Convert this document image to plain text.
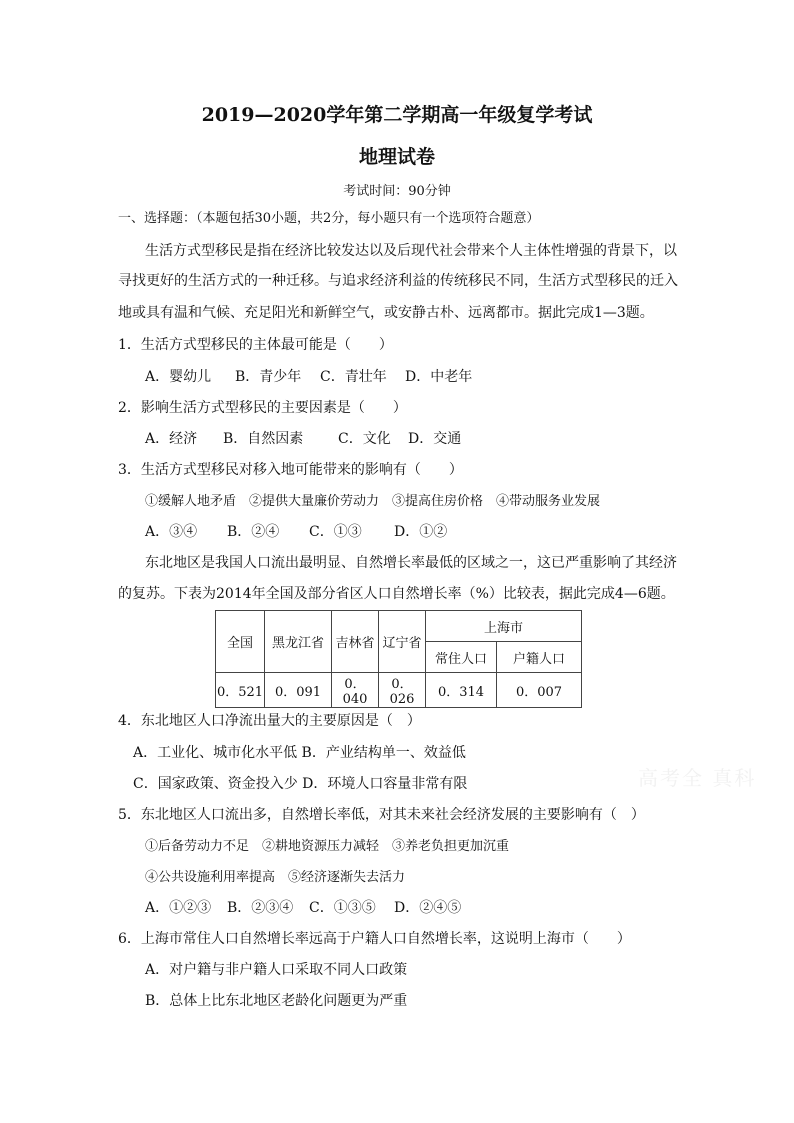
2019—2020学年第二学期高一年级复学考试
地理试卷
考试时间：90分钟
一、选择题：（本题包括30小题，共2分，每小题只有一个选项符合题意）
生活方式型移民是指在经济比较发达以及后现代社会带来个人主体性增强的背景下，以
寻找更好的生活方式的一种迁移。与追求经济利益的传统移民不同，生活方式型移民的迁入
地或具有温和气候、充足阳光和新鲜空气，或安静古朴、远离都市。据此完成1—3题。
1．生活方式型移民的主体最可能是（　　）
A．婴幼儿 B．青少年 C．青壮年 D．中老年
2．影响生活方式型移民的主要因素是（　　）
A．经济 B．自然因素 C．文化 D．交通
3．生活方式型移民对移入地可能带来的影响有（　　）
①缓解人地矛盾　②提供大量廉价劳动力　③提高住房价格　④带动服务业发展
A．③④ B．②④ C．①③ D．①②
东北地区是我国人口流出最明显、自然增长率最低的区域之一，这已严重影响了其经济
的复苏。下表为2014年全国及部分省区人口自然增长率（%）比较表，据此完成4—6题。
全国	黑龙江省	吉林省	辽宁省	上海市	
				常住人口	户籍人口
0．521	0．091	0．040	0．026	0．314	0．007
4．东北地区人口净流出量大的主要原因是（　）
A．工业化、城市化水平低 B．产业结构单一、效益低
C．国家政策、资金投入少 D．环境人口容量非常有限
5．东北地区人口流出多，自然增长率低，对其未来社会经济发展的主要影响有（　）
①后备劳动力不足　②耕地资源压力减轻　③养老负担更加沉重
④公共设施利用率提高　⑤经济逐渐失去活力
A．①②③ B．②③④ C．①③⑤ D．②④⑤
6．上海市常住人口自然增长率远高于户籍人口自然增长率，这说明上海市（　　）
A．对户籍与非户籍人口采取不同人口政策
B．总体上比东北地区老龄化问题更为严重
高考全 真科
